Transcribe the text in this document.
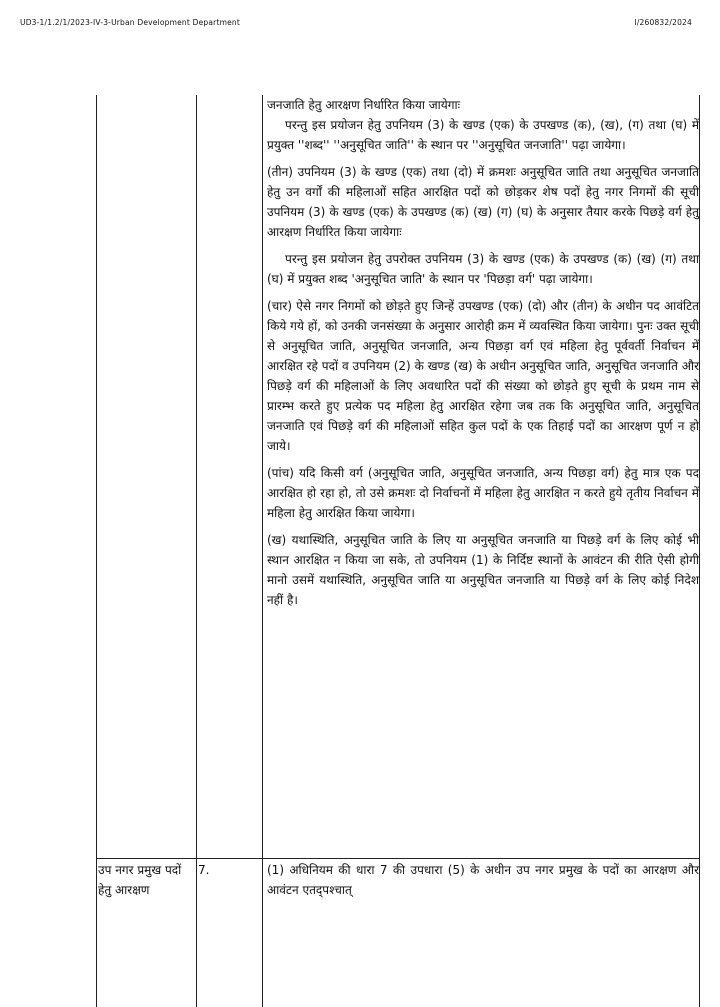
UD3-1/1.2/1/2023-IV-3-Urban Development Department	I/260832/2024

जनजाति हेतु आरक्षण निर्धारित किया जायेगाः

परन्तु इस प्रयोजन हेतु उपनियम (3) के खण्ड (एक) के उपखण्ड (क), (ख), (ग) तथा (घ) में प्रयुक्त ''शब्द'' ''अनुसूचित जाति'' के स्थान पर ''अनुसूचित जनजाति'' पढ़ा जायेगा।

(तीन) उपनियम (3) के खण्ड (एक) तथा (दो) में क्रमशः अनुसूचित जाति तथा अनुसूचित जनजाति हेतु उन वर्गों की महिलाओं सहित आरक्षित पदों को छोड़कर शेष पदों हेतु नगर निगमों की सूची उपनियम (3) के खण्ड (एक) के उपखण्ड (क) (ख) (ग) (घ) के अनुसार तैयार करके पिछड़े वर्ग हेतु आरक्षण निर्धारित किया जायेगाः

परन्तु इस प्रयोजन हेतु उपरोक्त उपनियम (3) के खण्ड (एक) के उपखण्ड (क) (ख) (ग) तथा (घ) में प्रयुक्त शब्द 'अनुसूचित जाति' के स्थान पर 'पिछड़ा वर्ग' पढ़ा जायेगा।

(चार) ऐसे नगर निगमों को छोड़ते हुए जिन्हें उपखण्ड (एक) (दो) और (तीन) के अधीन पद आवंटित किये गये हों, को उनकी जनसंख्या के अनुसार आरोही क्रम में व्यवस्थित किया जायेगा। पुनः उक्त सूची से अनुसूचित जाति, अनुसूचित जनजाति, अन्य पिछड़ा वर्ग एवं महिला हेतु पूर्ववर्ती निर्वाचन में आरक्षित रहे पदों व उपनियम (2) के खण्ड (ख) के अधीन अनुसूचित जाति, अनुसूचित जनजाति और पिछड़े वर्ग की महिलाओं के लिए अवधारित पदों की संख्या को छोड़ते हुए सूची के प्रथम नाम से प्रारम्भ करते हुए प्रत्येक पद महिला हेतु आरक्षित रहेगा जब तक कि अनुसूचित जाति, अनुसूचित जनजाति एवं पिछड़े वर्ग की महिलाओं सहित कुल पदों के एक तिहाई पदों का आरक्षण पूर्ण न हो जाये।

(पांच) यदि किसी वर्ग (अनुसूचित जाति, अनुसूचित जनजाति, अन्य पिछड़ा वर्ग) हेतु मात्र एक पद आरक्षित हो रहा हो, तो उसे क्रमशः दो निर्वाचनों में महिला हेतु आरक्षित न करते हुये तृतीय निर्वाचन में महिला हेतु आरक्षित किया जायेगा।

(ख) यथास्थिति, अनुसूचित जाति के लिए या अनुसूचित जनजाति या पिछड़े वर्ग के लिए कोई भी स्थान आरक्षित न किया जा सके, तो उपनियम (1) के निर्दिष्ट स्थानों के आवंटन की रीति ऐसी होगी मानो उसमें यथास्थिति, अनुसूचित जाति या अनुसूचित जनजाति या पिछड़े वर्ग के लिए कोई निदेश नहीं है।

उप नगर प्रमुख पदों हेतु आरक्षण
7.	(1) अधिनियम की धारा 7 की उपधारा (5) के अधीन उप नगर प्रमुख के पदों का आरक्षण और आवंटन एतद्पश्चात्
